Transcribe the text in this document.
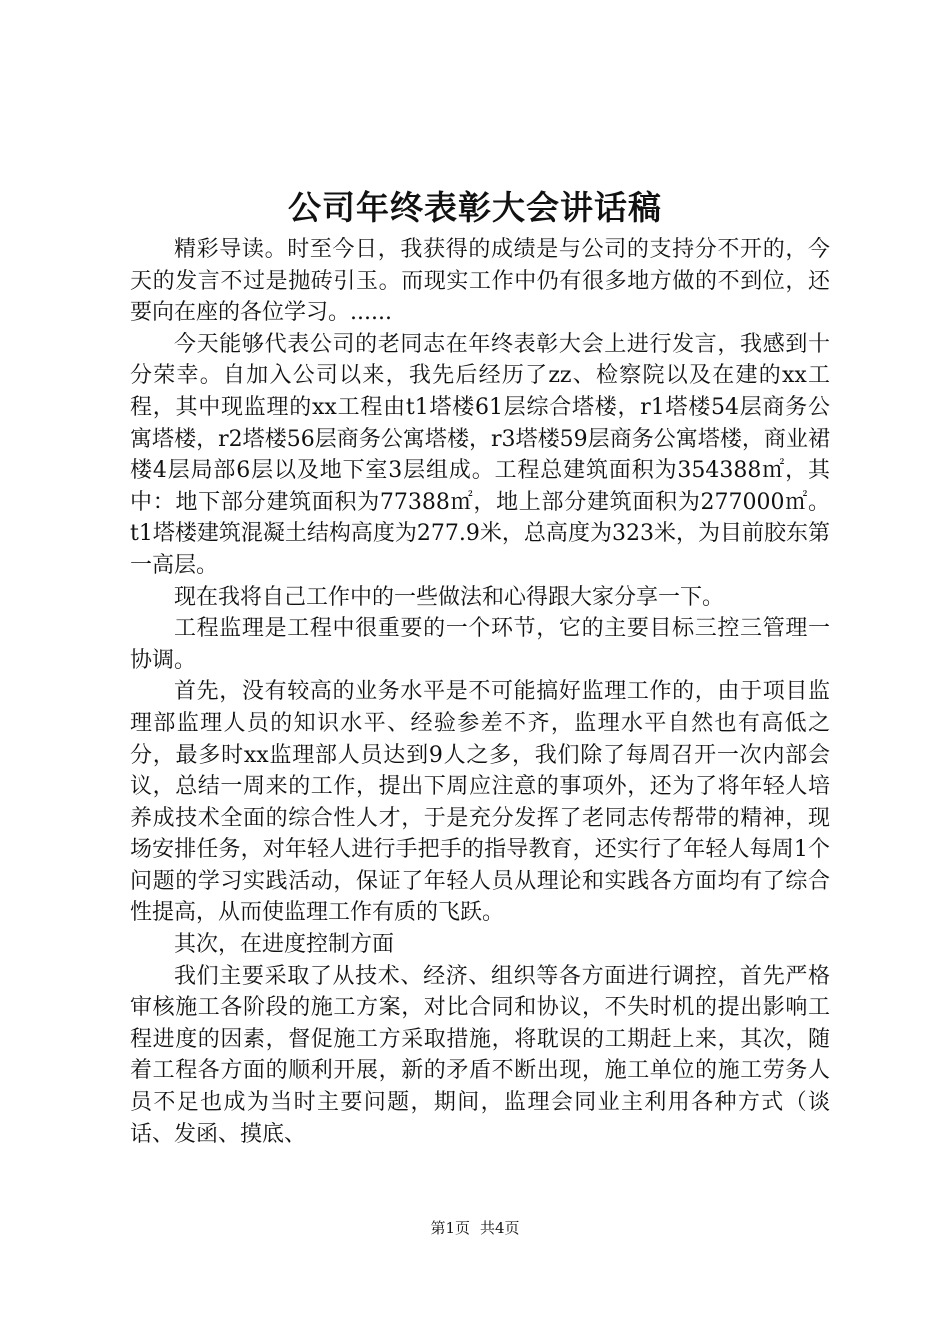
公司年终表彰大会讲话稿

精彩导读。时至今日，我获得的成绩是与公司的支持分不开的，今天的发言不过是抛砖引玉。而现实工作中仍有很多地方做的不到位，还要向在座的各位学习。......

今天能够代表公司的老同志在年终表彰大会上进行发言，我感到十分荣幸。自加入公司以来，我先后经历了zz、检察院以及在建的xx工程，其中现监理的xx工程由t1塔楼61层综合塔楼，r1塔楼54层商务公寓塔楼，r2塔楼56层商务公寓塔楼，r3塔楼59层商务公寓塔楼，商业裙楼4层局部6层以及地下室3层组成。工程总建筑面积为354388㎡，其中：地下部分建筑面积为77388㎡，地上部分建筑面积为277000㎡。t1塔楼建筑混凝土结构高度为277.9米，总高度为323米，为目前胶东第一高层。

现在我将自己工作中的一些做法和心得跟大家分享一下。

工程监理是工程中很重要的一个环节，它的主要目标三控三管理一协调。

首先，没有较高的业务水平是不可能搞好监理工作的，由于项目监理部监理人员的知识水平、经验参差不齐，监理水平自然也有高低之分，最多时xx监理部人员达到9人之多，我们除了每周召开一次内部会议，总结一周来的工作，提出下周应注意的事项外，还为了将年轻人培养成技术全面的综合性人才，于是充分发挥了老同志传帮带的精神，现场安排任务，对年轻人进行手把手的指导教育，还实行了年轻人每周1个问题的学习实践活动，保证了年轻人员从理论和实践各方面均有了综合性提高，从而使监理工作有质的飞跃。

其次，在进度控制方面

我们主要采取了从技术、经济、组织等各方面进行调控，首先严格审核施工各阶段的施工方案，对比合同和协议，不失时机的提出影响工程进度的因素，督促施工方采取措施，将耽误的工期赶上来，其次，随着工程各方面的顺利开展，新的矛盾不断出现，施工单位的施工劳务人员不足也成为当时主要问题，期间，监理会同业主利用各种方式（谈话、发函、摸底、

第1页 共4页
